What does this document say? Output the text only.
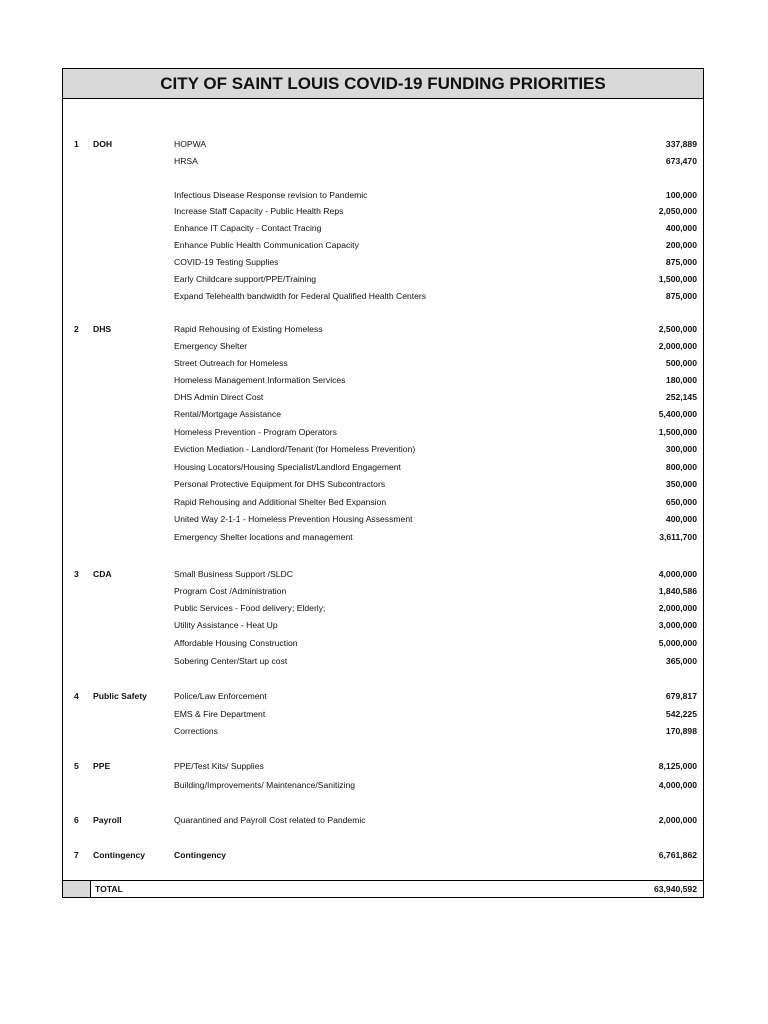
CITY OF SAINT LOUIS COVID-19 FUNDING PRIORITIES
1 DOH	HOPWA	337,889
HRSA	673,470
Infectious Disease Response revision to Pandemic	100,000
Increase Staff Capacity - Public Health Reps	2,050,000
Enhance IT Capacity - Contact Tracing	400,000
Enhance Public Health Communication Capacity	200,000
COVID-19 Testing Supplies	875,000
Early Childcare support/PPE/Training	1,500,000
Expand Telehealth bandwidth for Federal Qualified Health Centers	875,000
2 DHS	Rapid Rehousing of Existing Homeless	2,500,000
Emergency Shelter	2,000,000
Street Outreach for Homeless	500,000
Homeless Management Information Services	180,000
DHS Admin Direct Cost	252,145
Rental/Mortgage Assistance	5,400,000
Homeless Prevention - Program Operators	1,500,000
Eviction Mediation - Landlord/Tenant (for Homeless Prevention)	300,000
Housing Locators/Housing Specialist/Landlord Engagement	800,000
Personal Protective Equipment for DHS Subcontractors	350,000
Rapid Rehousing and Additional Shelter Bed Expansion	650,000
United Way 2-1-1 - Homeless Prevention Housing Assessment	400,000
Emergency Shelter locations and management	3,611,700
3 CDA	Small Business Support /SLDC	4,000,000
Program Cost /Administration	1,840,586
Public Services - Food delivery; Elderly;	2,000,000
Utility Assistance - Heat Up	3,000,000
Affordable Housing Construction	5,000,000
Sobering Center/Start up cost	365,000
4 Public Safety	Police/Law Enforcement	679,817
EMS & Fire Department	542,225
Corrections	170,898
5 PPE	PPE/Test Kits/ Supplies	8,125,000
Building/Improvements/ Maintenance/Sanitizing	4,000,000
6 Payroll	Quarantined and Payroll Cost related to Pandemic	2,000,000
7 Contingency	Contingency	6,761,862
TOTAL	63,940,592
